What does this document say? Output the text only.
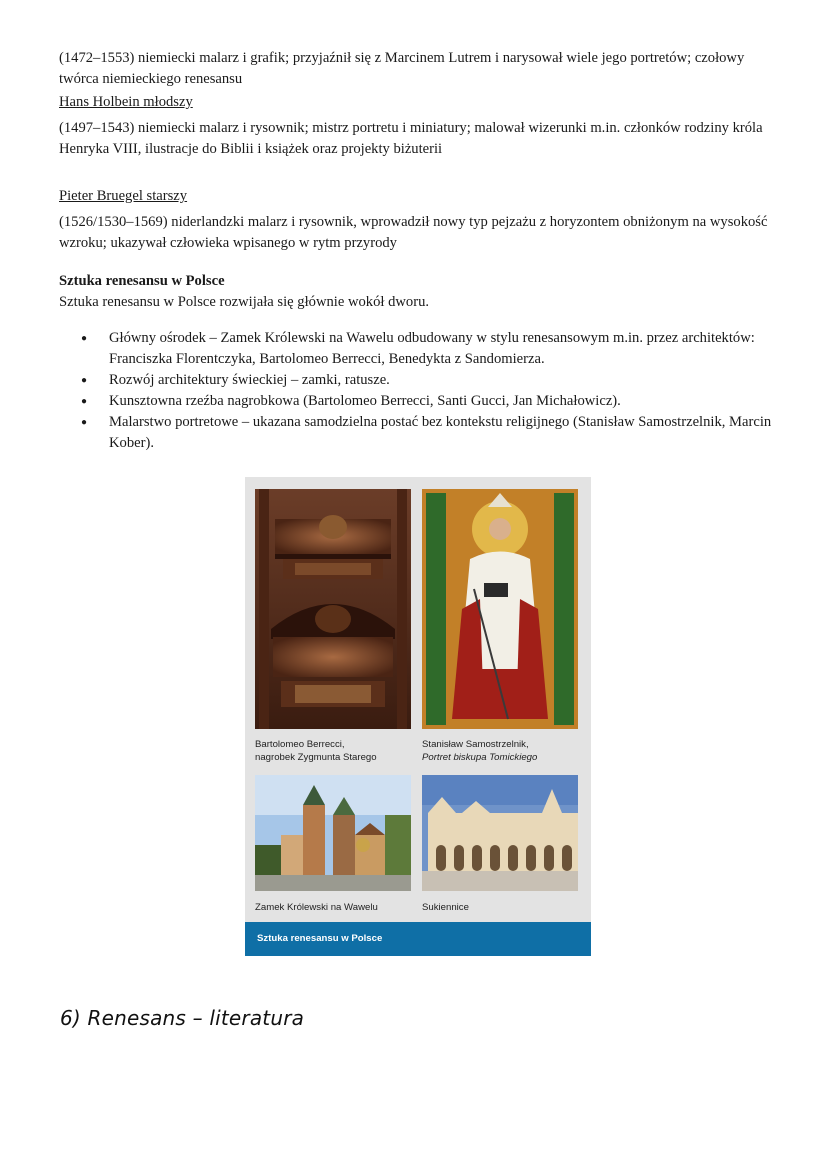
(1472–1553) niemiecki malarz i grafik; przyjaźnił się z Marcinem Lutrem i narysował wiele jego portretów; czołowy twórca niemieckiego renesansu

Hans Holbein młodszy

(1497–1543) niemiecki malarz i rysownik; mistrz portretu i miniatury; malował wizerunki m.in. członków rodziny króla Henryka VIII, ilustracje do Biblii i książek oraz projekty biżuterii

Pieter Bruegel starszy

(1526/1530–1569) niderlandzki malarz i rysownik, wprowadził nowy typ pejzażu z horyzontem obniżonym na wysokość wzroku; ukazywał człowieka wpisanego w rytm przyrody

Sztuka renesansu w Polsce

Sztuka renesansu w Polsce rozwijała się głównie wokół dworu.

● Główny ośrodek – Zamek Królewski na Wawelu odbudowany w stylu renesansowym m.in. przez architektów: Franciszka Florentczyka, Bartolomeo Berrecci, Benedykta z Sandomierza.
● Rozwój architektury świeckiej – zamki, ratusze.
● Kunsztowna rzeźba nagrobkowa (Bartolomeo Berrecci, Santi Gucci, Jan Michałowicz).
● Malarstwo portretowe – ukazana samodzielna postać bez kontekstu religijnego (Stanisław Samostrzelnik, Marcin Kober).
Bartolomeo Berrecci,
nagrobek Zygmunta Starego
Stanisław Samostrzelnik,
Portret biskupa Tomickiego
Zamek Królewski na Wawelu	Sukiennice
Sztuka renesansu w Polsce
6) Renesans – literatura
